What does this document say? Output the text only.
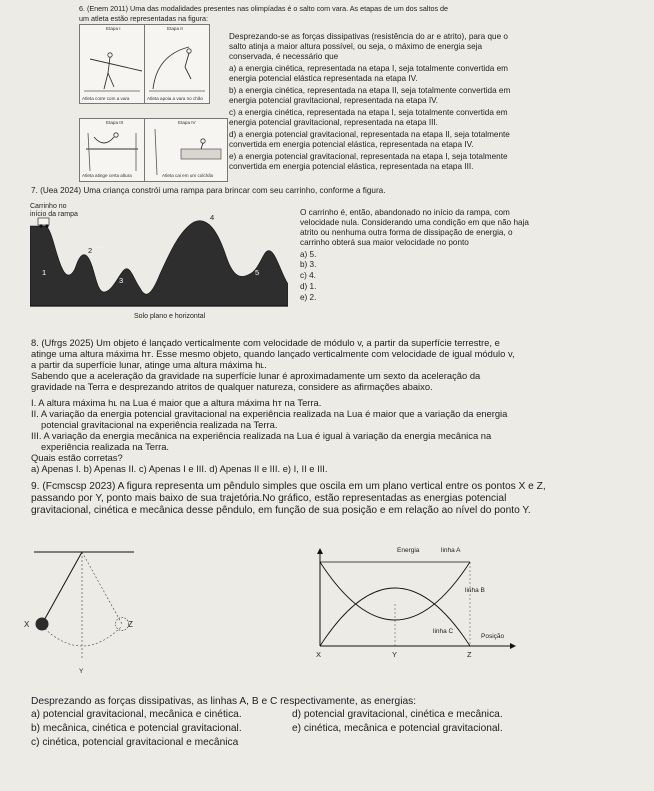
6. (Enem 2011) Uma das modalidades presentes nas olimpíadas é o salto com vara. As etapas de um dos saltos de
um atleta estão representadas na figura:
Etapa I	Etapa II
Etapa III	Etapa IV
Atleta corre com a vara	Atleta apoia a vara no chão
Atleta atinge certa altura	Atleta cai em um colchão
Desprezando-se as forças dissipativas (resistência do ar e atrito), para que o
salto atinja a maior altura possível, ou seja, o máximo de energia seja
conservada, é necessário que
a) a energia cinética, representada na etapa I, seja totalmente convertida em
energia potencial elástica representada na etapa IV.
b) a energia cinética, representada na etapa II, seja totalmente convertida em
energia potencial gravitacional, representada na etapa IV.
c) a energia cinética, representada na etapa I, seja totalmente convertida em
energia potencial gravitacional, representada na etapa III.
d) a energia potencial gravitacional, representada na etapa II, seja totalmente
convertida em energia potencial elástica, representada na etapa IV.
e) a energia potencial gravitacional, representada na etapa I, seja totalmente
convertida em energia potencial elástica, representada na etapa III.
7. (Uea 2024) Uma criança constrói uma rampa para brincar com seu carrinho, conforme a figura.
Carrinho no
início da rampa
1
2
3
4
5
Solo plano e horizontal
O carrinho é, então, abandonado no início da rampa, com
velocidade nula. Considerando uma condição em que não haja
atrito ou nenhuma outra forma de dissipação de energia, o
carrinho obterá sua maior velocidade no ponto
a) 5.
b) 3.
c) 4.
d) 1.
e) 2.
8. (Ufrgs 2025) Um objeto é lançado verticalmente com velocidade de módulo v, a partir da superfície terrestre, e
atinge uma altura máxima hᴛ. Esse mesmo objeto, quando lançado verticalmente com velocidade de igual módulo v,
a partir da superfície lunar, atinge uma altura máxima hʟ.
Sabendo que a aceleração da gravidade na superfície lunar é aproximadamente um sexto da aceleração da
gravidade na Terra e desprezando atritos de qualquer natureza, considere as afirmações abaixo.
I. A altura máxima hʟ na Lua é maior que a altura máxima hᴛ na Terra.
II. A variação da energia potencial gravitacional na experiência realizada na Lua é maior que a variação da energia
potencial gravitacional na experiência realizada na Terra.
III. A variação da energia mecânica na experiência realizada na Lua é igual à variação da energia mecânica na
experiência realizada na Terra.
Quais estão corretas?
a) Apenas I. b) Apenas II. c) Apenas I e III. d) Apenas II e III. e) I, II e III.
9. (Fcmscsp 2023) A figura representa um pêndulo simples que oscila em um plano vertical entre os pontos X e Z,
passando por Y, ponto mais baixo de sua trajetória.No gráfico, estão representadas as energias potencial
gravitacional, cinética e mecânica desse pêndulo, em função de sua posição e em relação ao nível do ponto Y.
X	Z
Y
Energia	linha A
linha B
linha C
Posição
X	Y	Z
Desprezando as forças dissipativas, as linhas A, B e C respectivamente, as energias:
a) potencial gravitacional, mecânica e cinética.	d) potencial gravitacional, cinética e mecânica.
b) mecânica, cinética e potencial gravitacional.	e) cinética, mecânica e potencial gravitacional.
c) cinética, potencial gravitacional e mecânica
